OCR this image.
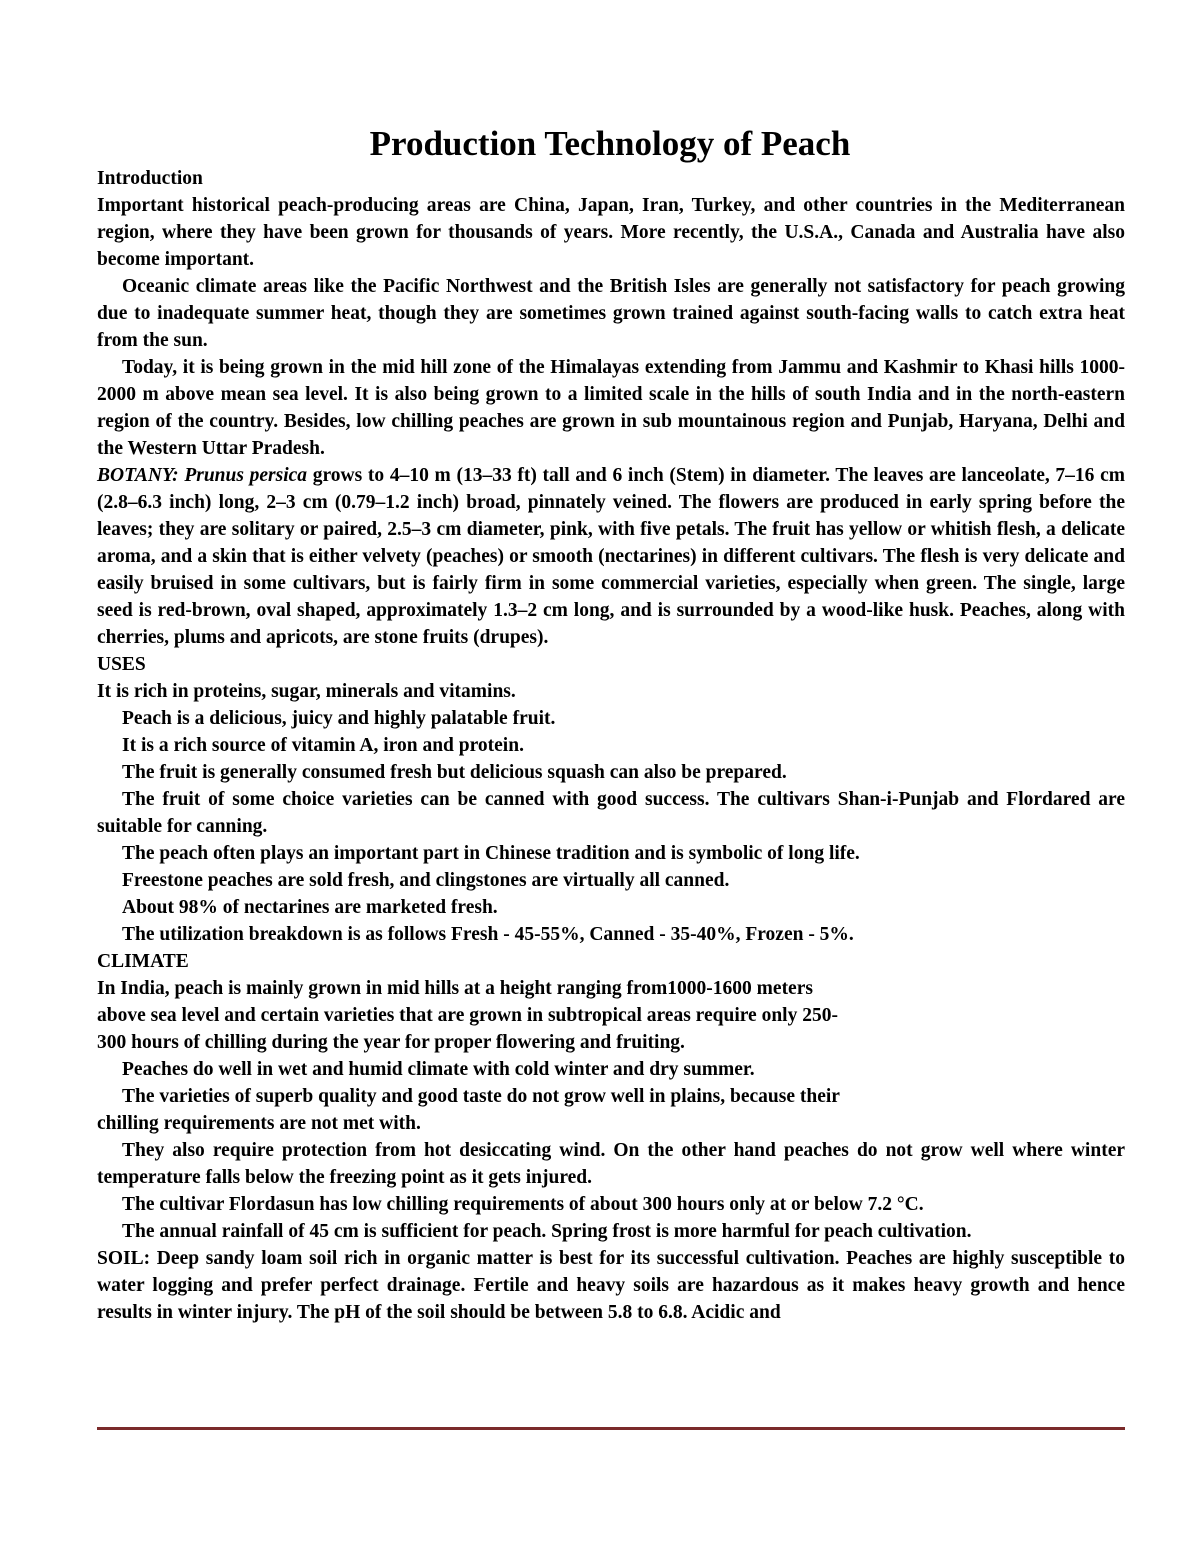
Production Technology of Peach
Introduction

Important historical peach-producing areas are China, Japan, Iran, Turkey, and other countries in the Mediterranean region, where they have been grown for thousands of years. More recently, the U.S.A., Canada and Australia have also become important.

Oceanic climate areas like the Pacific Northwest and the British Isles are generally not satisfactory for peach growing due to inadequate summer heat, though they are sometimes grown trained against south-facing walls to catch extra heat from the sun.

Today, it is being grown in the mid hill zone of the Himalayas extending from Jammu and Kashmir to Khasi hills 1000-2000 m above mean sea level. It is also being grown to a limited scale in the hills of south India and in the north-eastern region of the country. Besides, low chilling peaches are grown in sub mountainous region and Punjab, Haryana, Delhi and the Western Uttar Pradesh.

BOTANY: Prunus persica grows to 4–10 m (13–33 ft) tall and 6 inch (Stem) in diameter. The leaves are lanceolate, 7–16 cm (2.8–6.3 inch) long, 2–3 cm (0.79–1.2 inch) broad, pinnately veined. The flowers are produced in early spring before the leaves; they are solitary or paired, 2.5–3 cm diameter, pink, with five petals. The fruit has yellow or whitish flesh, a delicate aroma, and a skin that is either velvety (peaches) or smooth (nectarines) in different cultivars. The flesh is very delicate and easily bruised in some cultivars, but is fairly firm in some commercial varieties, especially when green. The single, large seed is red-brown, oval shaped, approximately 1.3–2 cm long, and is surrounded by a wood-like husk. Peaches, along with cherries, plums and apricots, are stone fruits (drupes).

USES

It is rich in proteins, sugar, minerals and vitamins.

Peach is a delicious, juicy and highly palatable fruit.

It is a rich source of vitamin A, iron and protein.

The fruit is generally consumed fresh but delicious squash can also be prepared.

The fruit of some choice varieties can be canned with good success. The cultivars Shan-i-Punjab and Flordared are suitable for canning.

The peach often plays an important part in Chinese tradition and is symbolic of long life.

Freestone peaches are sold fresh, and clingstones are virtually all canned.

About 98% of nectarines are marketed fresh.

The utilization breakdown is as follows Fresh - 45-55%, Canned - 35-40%, Frozen - 5%.

CLIMATE

In India, peach is mainly grown in mid hills at a height ranging from1000-1600 meters above sea level and certain varieties that are grown in subtropical areas require only 250-300 hours of chilling during the year for proper flowering and fruiting.

Peaches do well in wet and humid climate with cold winter and dry summer.

The varieties of superb quality and good taste do not grow well in plains, because their chilling requirements are not met with.

They also require protection from hot desiccating wind. On the other hand peaches do not grow well where winter temperature falls below the freezing point as it gets injured.

The cultivar Flordasun has low chilling requirements of about 300 hours only at or below 7.2 °C.

The annual rainfall of 45 cm is sufficient for peach. Spring frost is more harmful for peach cultivation.

SOIL: Deep sandy loam soil rich in organic matter is best for its successful cultivation. Peaches are highly susceptible to water logging and prefer perfect drainage. Fertile and heavy soils are hazardous as it makes heavy growth and hence results in winter injury. The pH of the soil should be between 5.8 to 6.8. Acidic and
